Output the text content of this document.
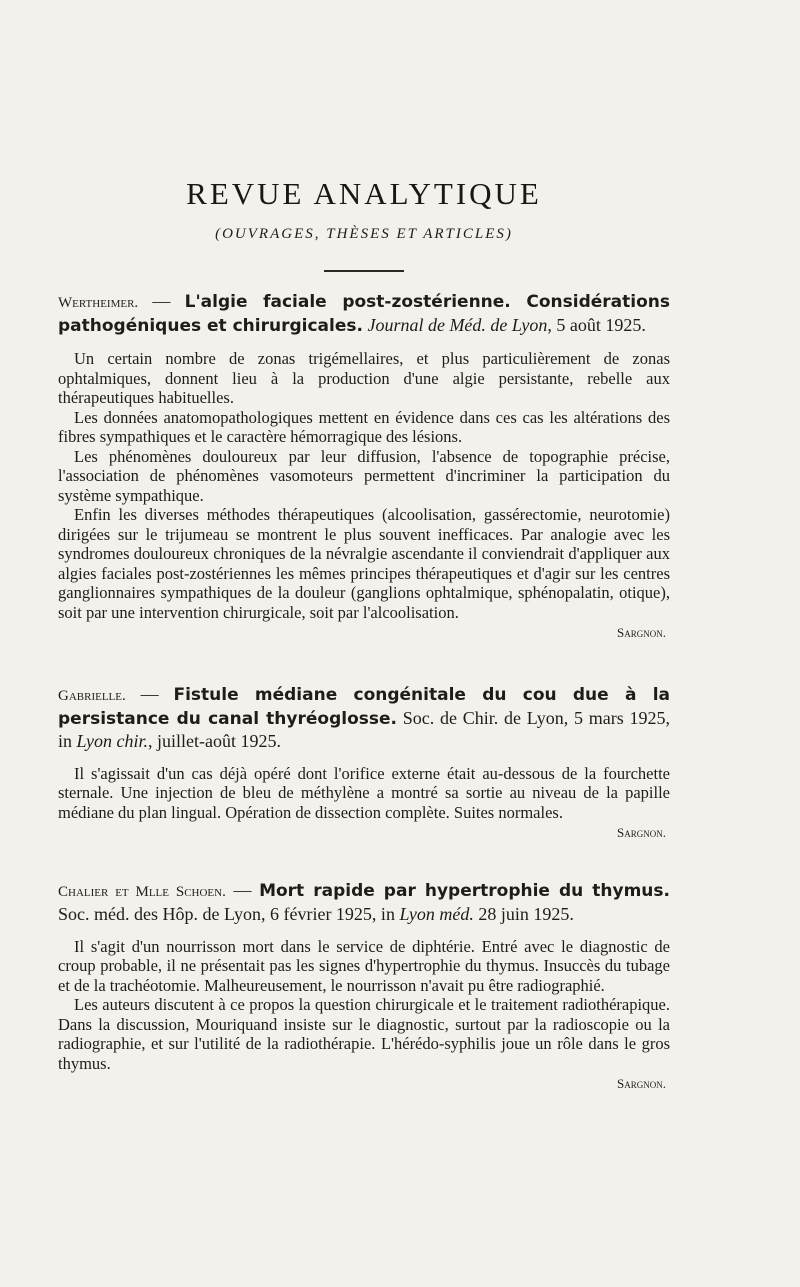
REVUE ANALYTIQUE

(OUVRAGES, THÈSES ET ARTICLES)

Wertheimer. — L'algie faciale post-zostérienne. Considérations pathogéniques et chirurgicales. Journal de Méd. de Lyon, 5 août 1925.

Un certain nombre de zonas trigémellaires, et plus particulièrement de zonas ophtalmiques, donnent lieu à la production d'une algie persistante, rebelle aux thérapeutiques habituelles.

Les données anatomopathologiques mettent en évidence dans ces cas les altérations des fibres sympathiques et le caractère hémorragique des lésions.

Les phénomènes douloureux par leur diffusion, l'absence de topographie précise, l'association de phénomènes vasomoteurs permettent d'incriminer la participation du système sympathique.

Enfin les diverses méthodes thérapeutiques (alcoolisation, gassérectomie, neurotomie) dirigées sur le trijumeau se montrent le plus souvent inefficaces. Par analogie avec les syndromes douloureux chroniques de la névralgie ascendante il conviendrait d'appliquer aux algies faciales post-zostériennes les mêmes principes thérapeutiques et d'agir sur les centres ganglionnaires sympathiques de la douleur (ganglions ophtalmique, sphénopalatin, otique), soit par une intervention chirurgicale, soit par l'alcoolisation.

Sargnon.

Gabrielle. — Fistule médiane congénitale du cou due à la persistance du canal thyréoglosse. Soc. de Chir. de Lyon, 5 mars 1925, in Lyon chir., juillet-août 1925.

Il s'agissait d'un cas déjà opéré dont l'orifice externe était au-dessous de la fourchette sternale. Une injection de bleu de méthylène a montré sa sortie au niveau de la papille médiane du plan lingual. Opération de dissection complète. Suites normales.

Sargnon.

Chalier et Mlle Schoen. — Mort rapide par hypertrophie du thymus. Soc. méd. des Hôp. de Lyon, 6 février 1925, in Lyon méd. 28 juin 1925.

Il s'agit d'un nourrisson mort dans le service de diphtérie. Entré avec le diagnostic de croup probable, il ne présentait pas les signes d'hypertrophie du thymus. Insuccès du tubage et de la trachéotomie. Malheureusement, le nourrisson n'avait pu être radiographié.

Les auteurs discutent à ce propos la question chirurgicale et le traitement radiothérapique. Dans la discussion, Mouriquand insiste sur le diagnostic, surtout par la radioscopie ou la radiographie, et sur l'utilité de la radiothérapie. L'hérédo-syphilis joue un rôle dans le gros thymus.

Sargnon.
